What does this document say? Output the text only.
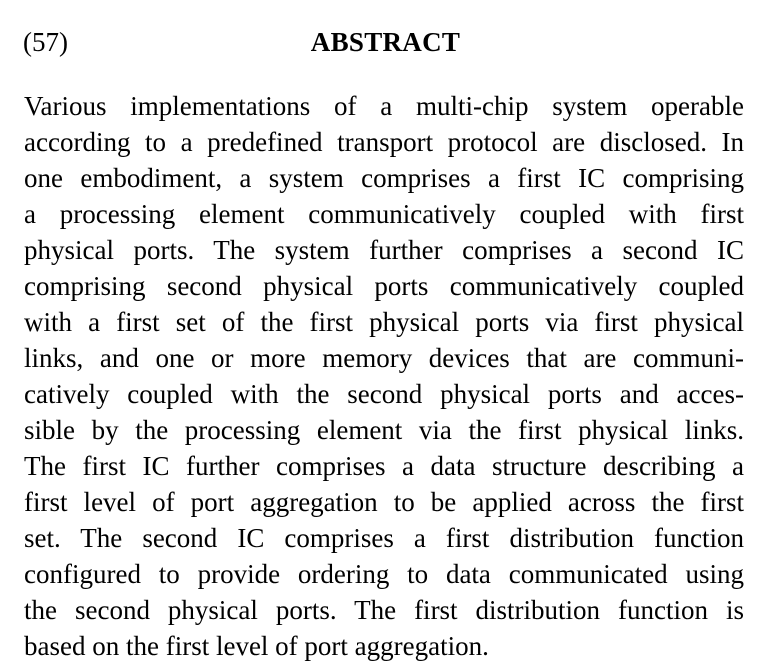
(57)	ABSTRACT
Various implementations of a multi-chip system operable
according to a predefined transport protocol are disclosed. In
one embodiment, a system comprises a first IC comprising
a processing element communicatively coupled with first
physical ports. The system further comprises a second IC
comprising second physical ports communicatively coupled
with a first set of the first physical ports via first physical
links, and one or more memory devices that are communi-
catively coupled with the second physical ports and acces-
sible by the processing element via the first physical links.
The first IC further comprises a data structure describing a
first level of port aggregation to be applied across the first
set. The second IC comprises a first distribution function
configured to provide ordering to data communicated using
the second physical ports. The first distribution function is
based on the first level of port aggregation.
